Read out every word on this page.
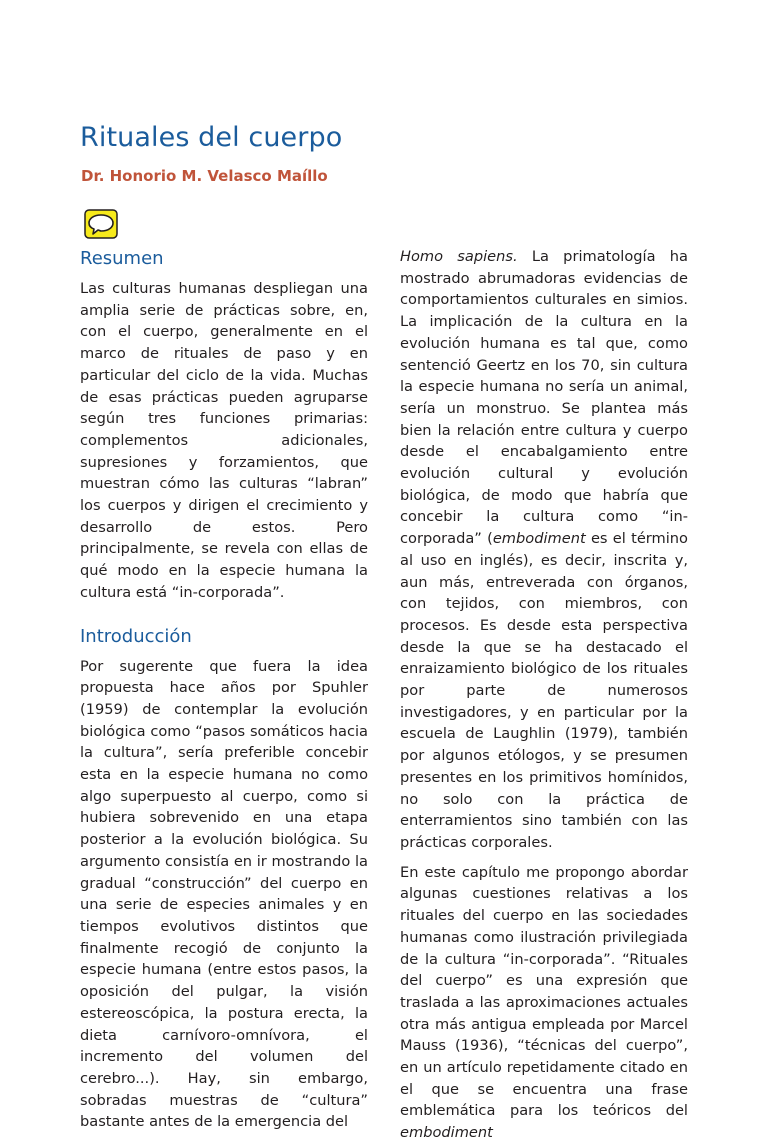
Rituales del cuerpo

Dr. Honorio M. Velasco Maíllo

Resumen

Las culturas humanas despliegan una amplia serie de prácticas sobre, en, con el cuerpo, generalmente en el marco de rituales de paso y en particular del ciclo de la vida. Muchas de esas prácticas pueden agruparse según tres funciones primarias: complementos adicionales, supresiones y forzamientos, que muestran cómo las culturas “labran” los cuerpos y dirigen el crecimiento y desarrollo de estos. Pero principalmente, se revela con ellas de qué modo en la especie humana la cultura está “in-corporada”.

Introducción

Por sugerente que fuera la idea propuesta hace años por Spuhler (1959) de contemplar la evolución biológica como “pasos somáticos hacia la cultura”, sería preferible concebir esta en la especie humana no como algo superpuesto al cuerpo, como si hubiera sobrevenido en una etapa posterior a la evolución biológica. Su argumento consistía en ir mostrando la gradual “construcción” del cuerpo en una serie de especies animales y en tiempos evolutivos distintos que finalmente recogió de conjunto la especie humana (entre estos pasos, la oposición del pulgar, la visión estereoscópica, la postura erecta, la dieta carnívoro-omnívora, el incremento del volumen del cerebro...). Hay, sin embargo, sobradas muestras de “cultura” bastante antes de la emergencia del

Homo sapiens. La primatología ha mostrado abrumadoras evidencias de comportamientos culturales en simios. La implicación de la cultura en la evolución humana es tal que, como sentenció Geertz en los 70, sin cultura la especie humana no sería un animal, sería un monstruo. Se plantea más bien la relación entre cultura y cuerpo desde el encabalgamiento entre evolución cultural y evolución biológica, de modo que habría que concebir la cultura como “in-corporada” (embodiment es el término al uso en inglés), es decir, inscrita y, aun más, entreverada con órganos, con tejidos, con miembros, con procesos. Es desde esta perspectiva desde la que se ha destacado el enraizamiento biológico de los rituales por parte de numerosos investigadores, y en particular por la escuela de Laughlin (1979), también por algunos etólogos, y se presumen presentes en los primitivos homínidos, no solo con la práctica de enterramientos sino también con las prácticas corporales.

En este capítulo me propongo abordar algunas cuestiones relativas a los rituales del cuerpo en las sociedades humanas como ilustración privilegiada de la cultura “in-corporada”. “Rituales del cuerpo” es una expresión que traslada a las aproximaciones actuales otra más antigua empleada por Marcel Mauss (1936), “técnicas del cuerpo”, en un artículo repetidamente citado en el que se encuentra una frase emblemática para los teóricos del embodiment
